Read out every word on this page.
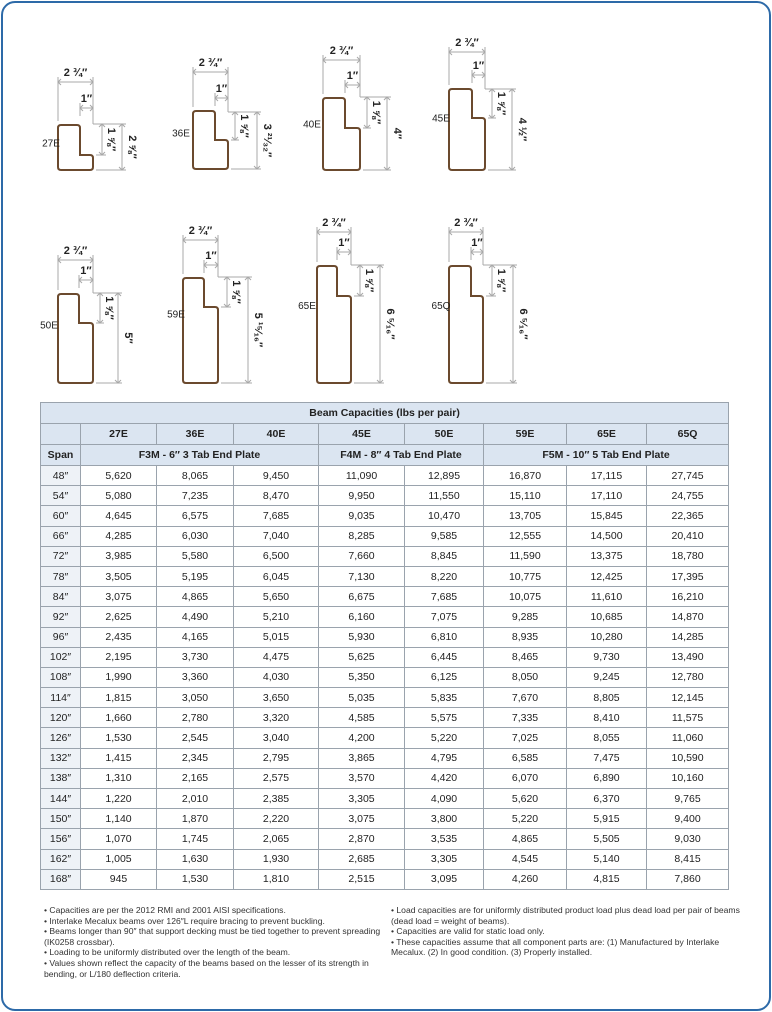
2 ¾″
1″
1 ⅝″ 2 ⅝″
27E
2 ¾″
1″
1 ⅝″ 3 ²¹⁄₃₂″
36E
2 ¾″
1″
1 ⅝″
4″
40E
2 ¾″
1″
1 ⅝″
4 ½″
45E
2 ¾″
1″
1 ⅝″
5″
50E
2 ¾″
1″
1 ⅝″
5 ¹⁵⁄₁₆″
59E
2 ¾″
1″
1 ⅝″
6 ⁵⁄₁₆″
65E
2 ¾″
1″
1 ⅝″
6 ⁵⁄₁₆″
65Q
Beam Capacities (lbs per pair)								
	27E	36E	40E	45E	50E	59E	65E	65Q
Span	F3M - 6″ 3 Tab End Plate			F4M - 8″ 4 Tab End Plate		F5M - 10″ 5 Tab End Plate		
48″	5,620	8,065	9,450	11,090	12,895	16,870	17,115	27,745
54″	5,080	7,235	8,470	9,950	11,550	15,110	17,110	24,755
60″	4,645	6,575	7,685	9,035	10,470	13,705	15,845	22,365
66″	4,285	6,030	7,040	8,285	9,585	12,555	14,500	20,410
72″	3,985	5,580	6,500	7,660	8,845	11,590	13,375	18,780
78″	3,505	5,195	6,045	7,130	8,220	10,775	12,425	17,395
84″	3,075	4,865	5,650	6,675	7,685	10,075	11,610	16,210
92″	2,625	4,490	5,210	6,160	7,075	9,285	10,685	14,870
96″	2,435	4,165	5,015	5,930	6,810	8,935	10,280	14,285
102″	2,195	3,730	4,475	5,625	6,445	8,465	9,730	13,490
108″	1,990	3,360	4,030	5,350	6,125	8,050	9,245	12,780
114″	1,815	3,050	3,650	5,035	5,835	7,670	8,805	12,145
120″	1,660	2,780	3,320	4,585	5,575	7,335	8,410	11,575
126″	1,530	2,545	3,040	4,200	5,220	7,025	8,055	11,060
132″	1,415	2,345	2,795	3,865	4,795	6,585	7,475	10,590
138″	1,310	2,165	2,575	3,570	4,420	6,070	6,890	10,160
144″	1,220	2,010	2,385	3,305	4,090	5,620	6,370	9,765
150″	1,140	1,870	2,220	3,075	3,800	5,220	5,915	9,400
156″	1,070	1,745	2,065	2,870	3,535	4,865	5,505	9,030
162″	1,005	1,630	1,930	2,685	3,305	4,545	5,140	8,415
168″	945	1,530	1,810	2,515	3,095	4,260	4,815	7,860
• Capacities are per the 2012 RMI and 2001 AISI specifications.
• Interlake Mecalux beams over 126″L require bracing to prevent buckling.
• Beams longer than 90″ that support decking must be tied together to prevent spreading (IK0258 crossbar).
• Loading to be uniformly distributed over the length of the beam.
• Values shown reflect the capacity of the beams based on the lesser of its strength in bending, or L/180 deflection criteria.
• Load capacities are for uniformly distributed product load plus dead load per pair of beams (dead load = weight of beams).
• Capacities are valid for static load only.
• These capacities assume that all component parts are: (1) Manufactured by Interlake Mecalux. (2) In good condition. (3) Properly installed.
